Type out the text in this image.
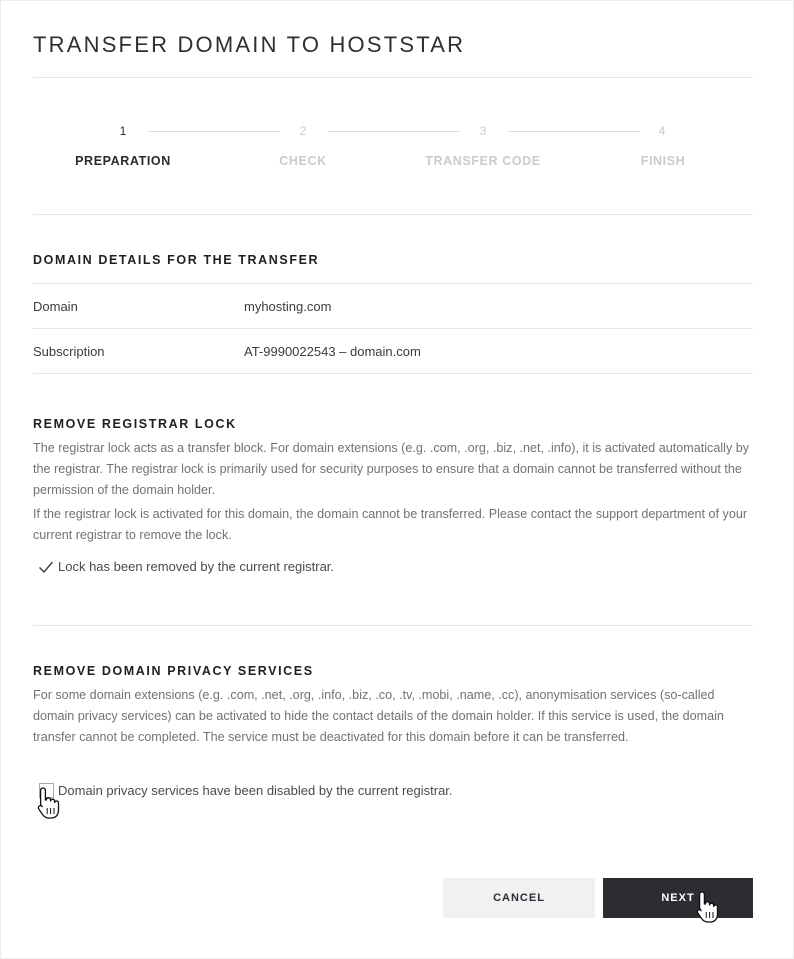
TRANSFER DOMAIN TO HOSTSTAR
1	2	3	4
PREPARATION	CHECK	TRANSFER CODE	FINISH
DOMAIN DETAILS FOR THE TRANSFER
Domain	myhosting.com
Subscription	AT-9990022543 – domain.com
REMOVE REGISTRAR LOCK
The registrar lock acts as a transfer block. For domain extensions (e.g. .com, .org, .biz, .net, .info), it is activated automatically by the registrar. The registrar lock is primarily used for security purposes to ensure that a domain cannot be transferred without the permission of the domain holder.
If the registrar lock is activated for this domain, the domain cannot be transferred. Please contact the support department of your current registrar to remove the lock.
Lock has been removed by the current registrar.
REMOVE DOMAIN PRIVACY SERVICES
For some domain extensions (e.g. .com, .net, .org, .info, .biz, .co, .tv, .mobi, .name, .cc), anonymisation services (so-called domain privacy services) can be activated to hide the contact details of the domain holder. If this service is used, the domain transfer cannot be completed. The service must be deactivated for this domain before it can be transferred.
Domain privacy services have been disabled by the current registrar.
CANCEL	NEXT
